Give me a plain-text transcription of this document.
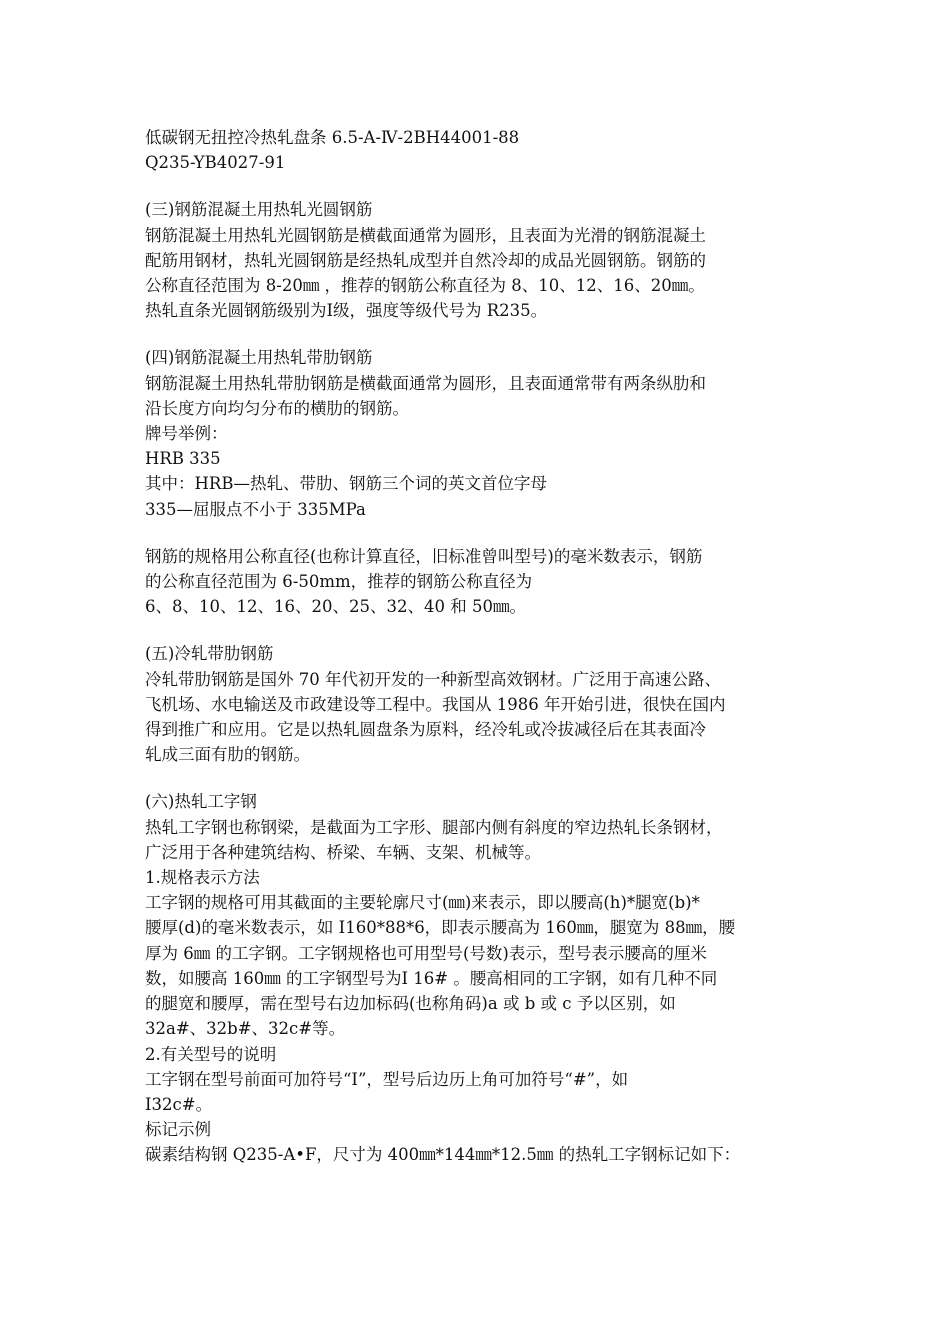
低碳钢无扭控冷热轧盘条 6.5-A-Ⅳ-2BH44001-88
Q235-YB4027-91
(三)钢筋混凝土用热轧光圆钢筋
钢筋混凝土用热轧光圆钢筋是横截面通常为圆形，且表面为光滑的钢筋混凝土
配筋用钢材，热轧光圆钢筋是经热轧成型并自然冷却的成品光圆钢筋。钢筋的
公称直径范围为 8-20㎜ ，推荐的钢筋公称直径为 8、10、12、16、20㎜。
热轧直条光圆钢筋级别为Ⅰ级，强度等级代号为 R235。
(四)钢筋混凝土用热轧带肋钢筋
钢筋混凝土用热轧带肋钢筋是横截面通常为圆形，且表面通常带有两条纵肋和
沿长度方向均匀分布的横肋的钢筋。
牌号举例：
HRB 335
其中：HRB—热轧、带肋、钢筋三个词的英文首位字母
335—屈服点不小于 335MPa
钢筋的规格用公称直径(也称计算直径，旧标准曾叫型号)的毫米数表示，钢筋
的公称直径范围为 6-50mm，推荐的钢筋公称直径为
6、8、10、12、16、20、25、32、40 和 50㎜。
(五)冷轧带肋钢筋
冷轧带肋钢筋是国外 70 年代初开发的一种新型高效钢材。广泛用于高速公路、
飞机场、水电输送及市政建设等工程中。我国从 1986 年开始引进，很快在国内
得到推广和应用。它是以热轧圆盘条为原料，经冷轧或冷拔减径后在其表面冷
轧成三面有肋的钢筋。
(六)热轧工字钢
热轧工字钢也称钢梁，是截面为工字形、腿部内侧有斜度的窄边热轧长条钢材，
广泛用于各种建筑结构、桥梁、车辆、支架、机械等。
1.规格表示方法
工字钢的规格可用其截面的主要轮廓尺寸(㎜)来表示，即以腰高(h)*腿宽(b)*
腰厚(d)的毫米数表示，如 I160*88*6，即表示腰高为 160㎜，腿宽为 88㎜，腰
厚为 6㎜ 的工字钢。工字钢规格也可用型号(号数)表示，型号表示腰高的厘米
数，如腰高 160㎜ 的工字钢型号为Ⅰ 16# 。腰高相同的工字钢，如有几种不同
的腿宽和腰厚，需在型号右边加标码(也称角码)a 或 b 或 c 予以区别，如
32a#、32b#、32c#等。
2.有关型号的说明
工字钢在型号前面可加符号“I”，型号后边历上角可加符号“#”，如
I32c#。
标记示例
碳素结构钢 Q235-A•F，尺寸为 400㎜*144㎜*12.5㎜ 的热轧工字钢标记如下：
